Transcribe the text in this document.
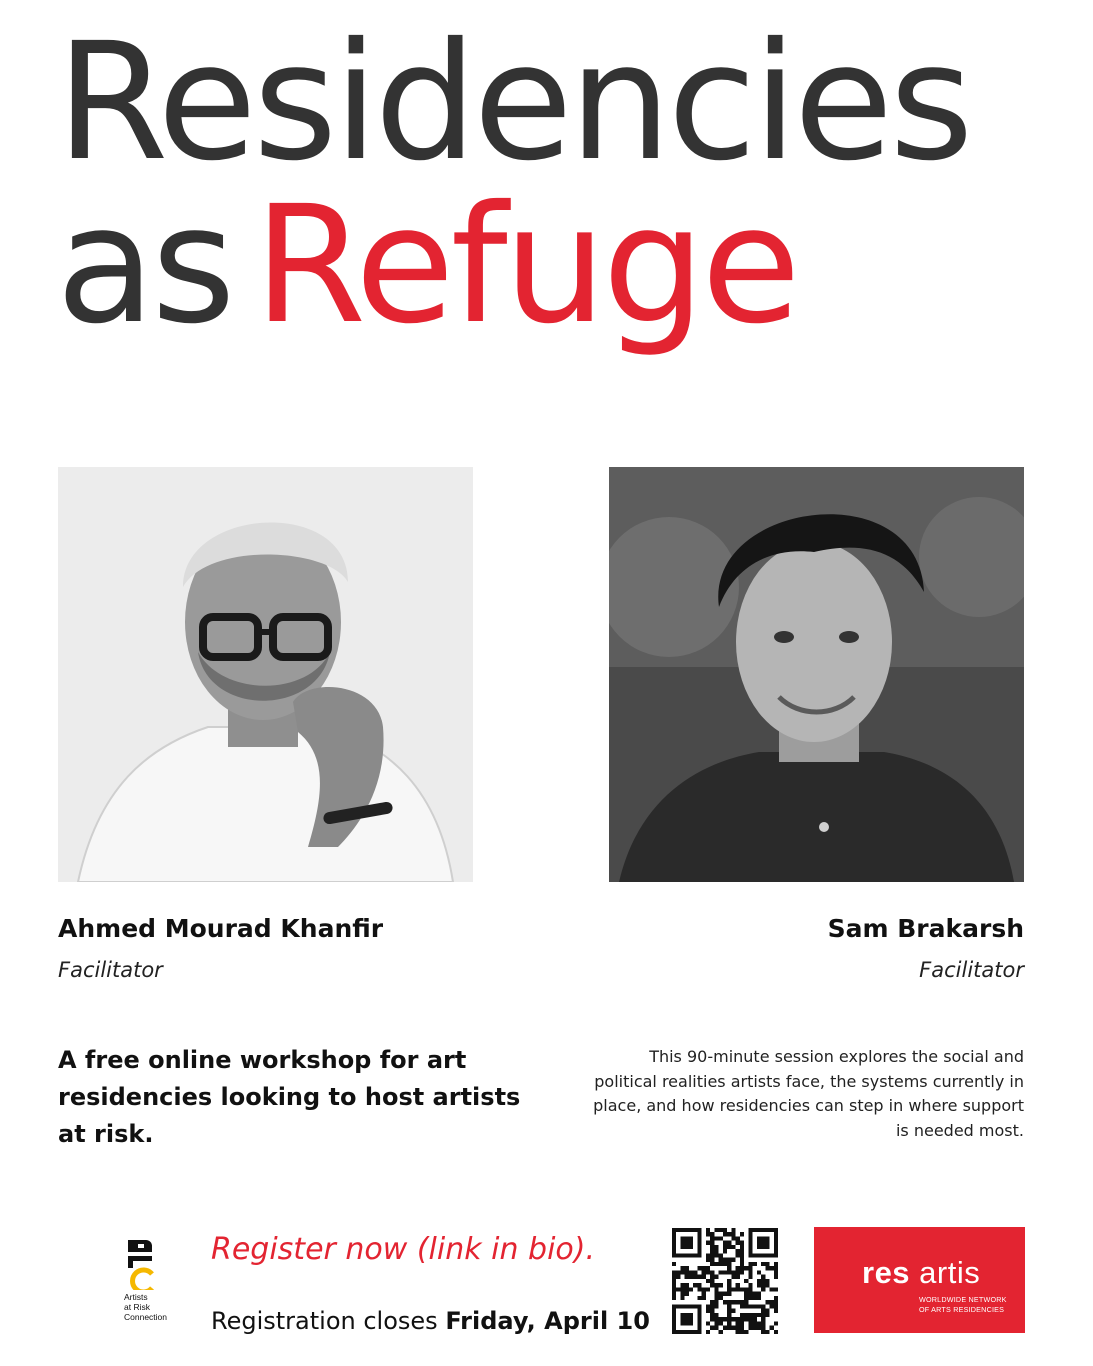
Residencies
as Refuge

Ahmed Mourad Khanfir

Facilitator

Sam Brakarsh

Facilitator

A free online workshop for art residencies looking to host artists at risk.

This 90-minute session explores the social and political realities artists face, the systems currently in place, and how residencies can step in where support is needed most.

Artists
at Risk
Connection

Register now (link in bio).

Registration closes Friday, April 10

res artis
WORLDWIDE NETWORK
OF ARTS RESIDENCIES
